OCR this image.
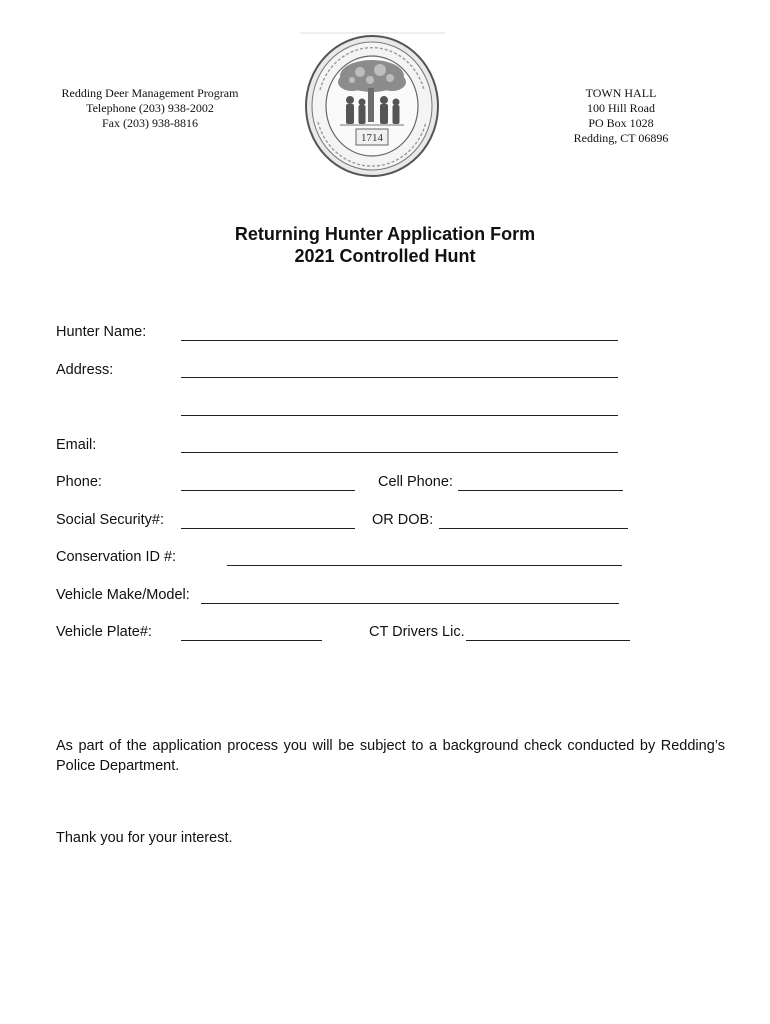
Redding Deer Management Program
Telephone (203) 938-2002
Fax (203) 938-8816
1714
TOWN HALL
100 Hill Road
PO Box 1028
Redding, CT 06896
Returning Hunter Application Form
2021 Controlled Hunt
Hunter Name:
Address:
Email:
Phone:	Cell Phone:
Social Security#:	OR DOB:
Conservation ID #:
Vehicle Make/Model:
Vehicle Plate#:	CT Drivers Lic.
As part of the application process you will be subject to a background check conducted by Redding’s Police Department.
Thank you for your interest.
